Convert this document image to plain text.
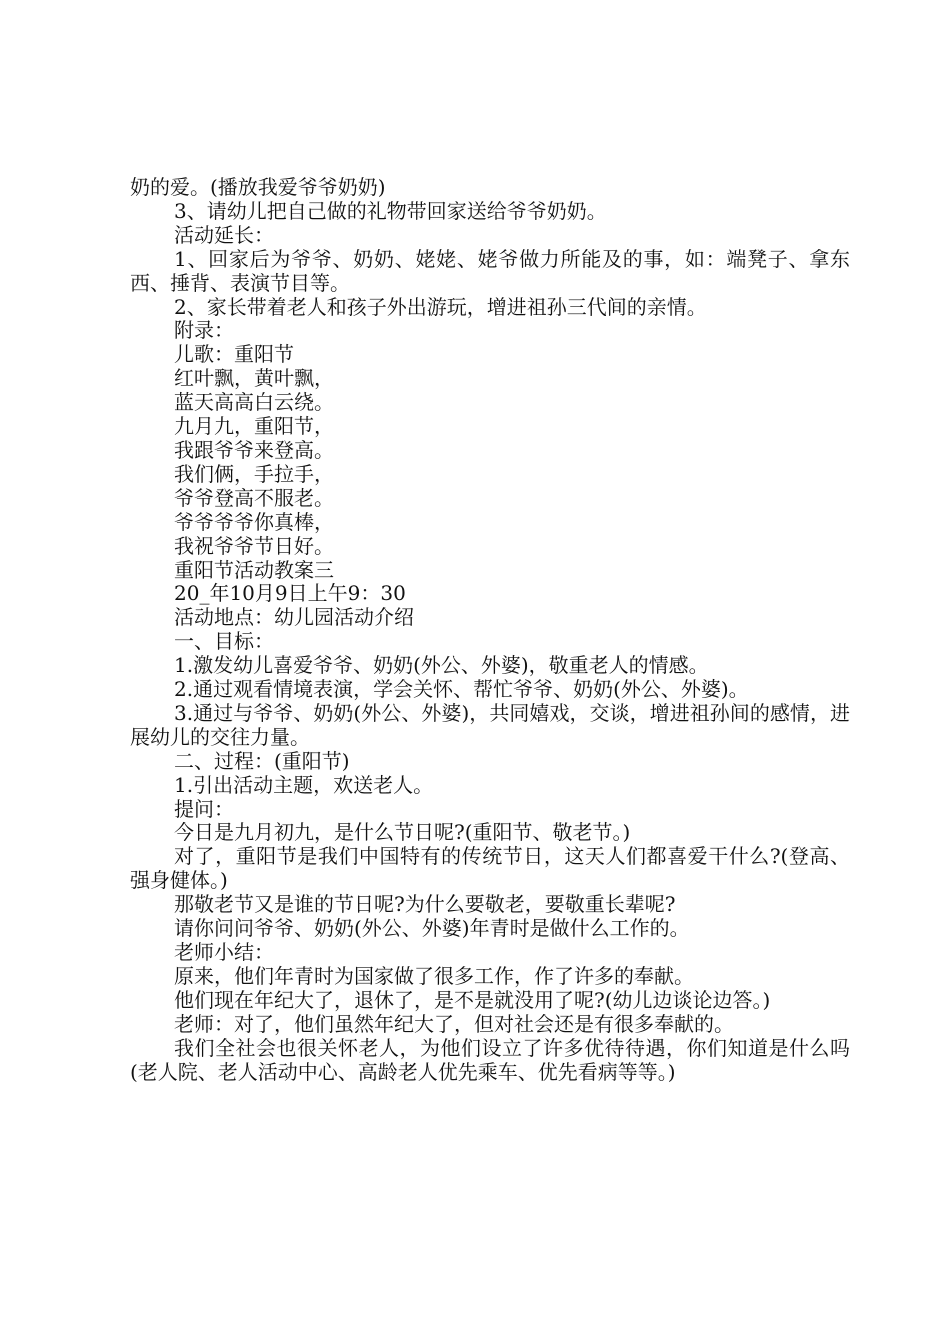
奶的爱。(播放我爱爷爷奶奶)

3、请幼儿把自己做的礼物带回家送给爷爷奶奶。

活动延长：

1、回家后为爷爷、奶奶、姥姥、姥爷做力所能及的事，如：端凳子、拿东西、捶背、表演节目等。

2、家长带着老人和孩子外出游玩，增进祖孙三代间的亲情。

附录：

儿歌：重阳节

红叶飘，黄叶飘，

蓝天高高白云绕。

九月九，重阳节，

我跟爷爷来登高。

我们俩，手拉手，

爷爷登高不服老。

爷爷爷爷你真棒，

我祝爷爷节日好。

重阳节活动教案三

20_年10月9日上午9：30

活动地点：幼儿园活动介绍

一、目标：

1.激发幼儿喜爱爷爷、奶奶(外公、外婆)，敬重老人的情感。

2.通过观看情境表演，学会关怀、帮忙爷爷、奶奶(外公、外婆)。

3.通过与爷爷、奶奶(外公、外婆)，共同嬉戏，交谈，增进祖孙间的感情，进展幼儿的交往力量。

二、过程：(重阳节)

1.引出活动主题，欢送老人。

提问：

今日是九月初九，是什么节日呢?(重阳节、敬老节。)

对了，重阳节是我们中国特有的传统节日，这天人们都喜爱干什么?(登高、强身健体。)

那敬老节又是谁的节日呢?为什么要敬老，要敬重长辈呢?

请你问问爷爷、奶奶(外公、外婆)年青时是做什么工作的。

老师小结：

原来，他们年青时为国家做了很多工作，作了许多的奉献。

他们现在年纪大了，退休了，是不是就没用了呢?(幼儿边谈论边答。)

老师：对了，他们虽然年纪大了，但对社会还是有很多奉献的。

我们全社会也很关怀老人，为他们设立了许多优待待遇，你们知道是什么吗(老人院、老人活动中心、高龄老人优先乘车、优先看病等等。)
